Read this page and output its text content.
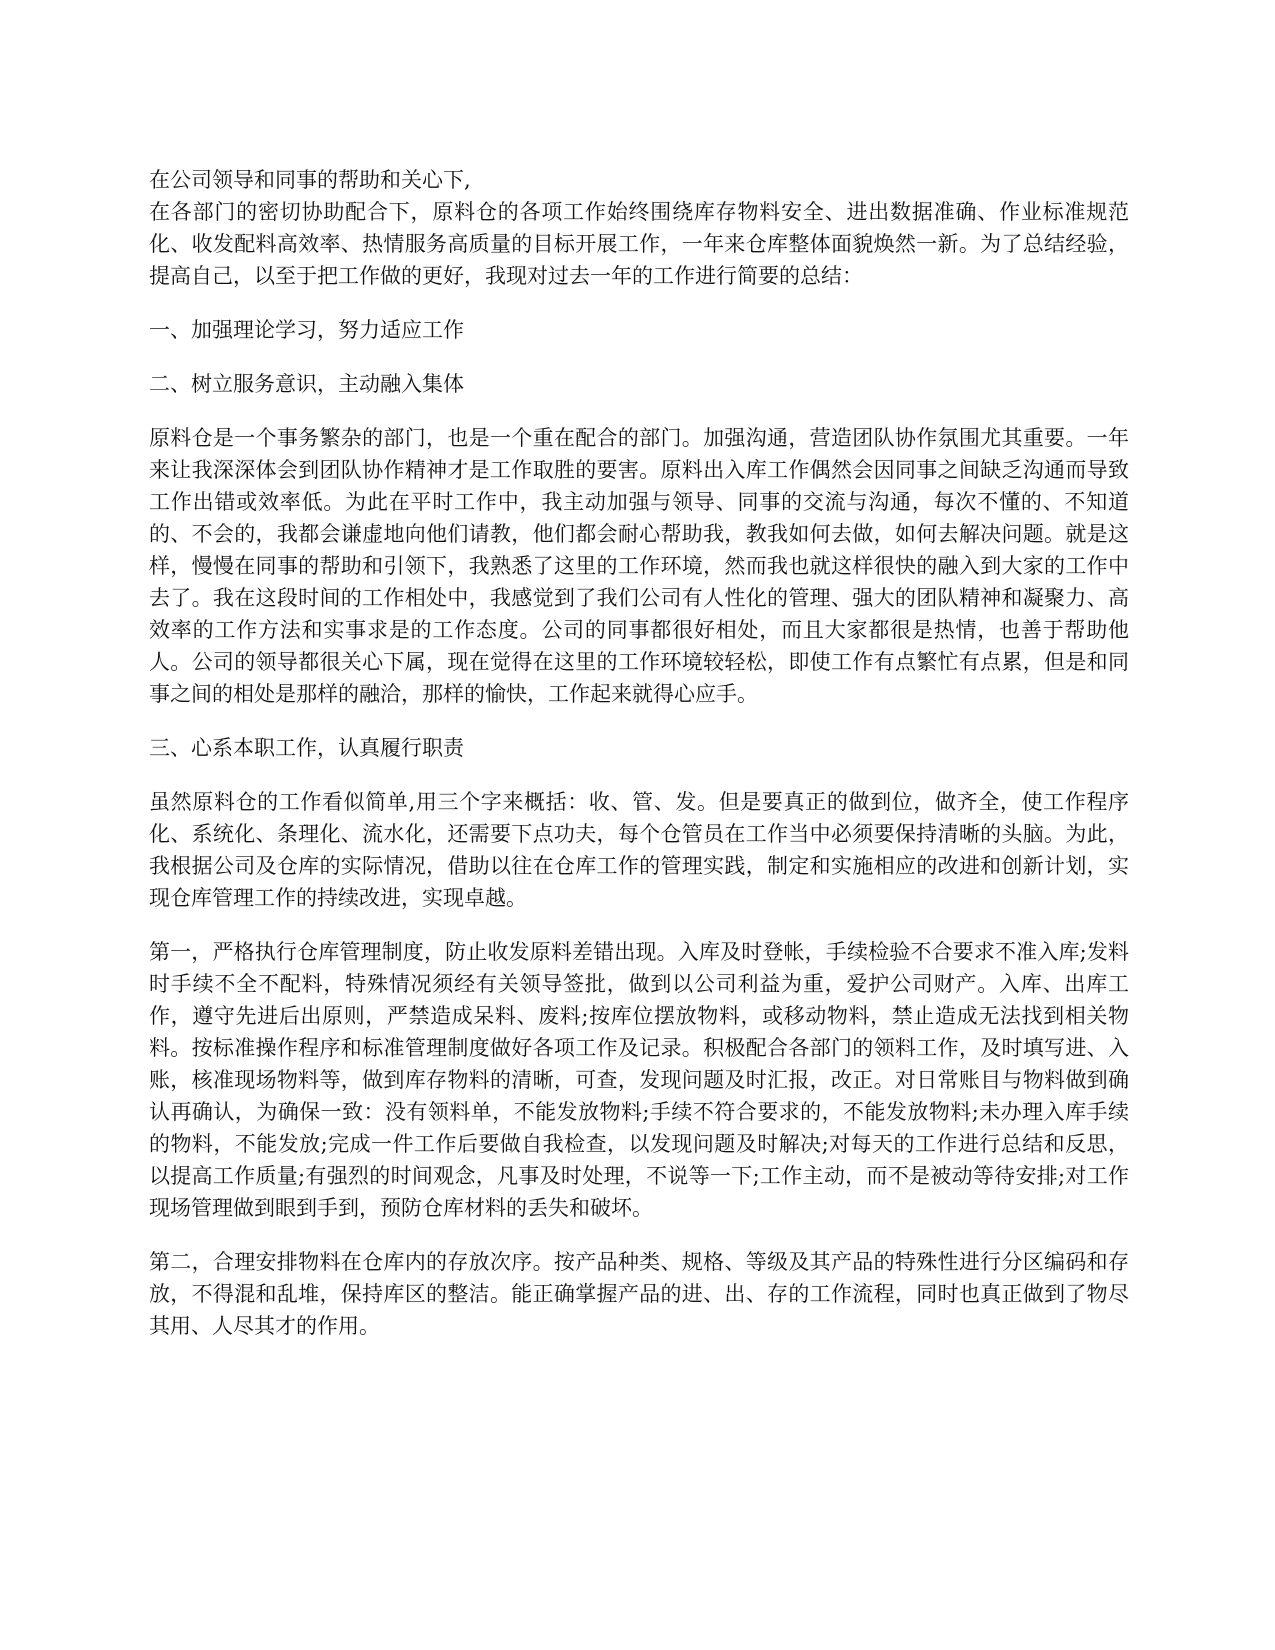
在公司领导和同事的帮助和关心下,
在各部门的密切协助配合下，原料仓的各项工作始终围绕库存物料安全、进出数据准确、作业标准规范化、收发配料高效率、热情服务高质量的目标开展工作，一年来仓库整体面貌焕然一新。为了总结经验，提高自己，以至于把工作做的更好，我现对过去一年的工作进行简要的总结：
一、加强理论学习，努力适应工作
二、树立服务意识，主动融入集体
原料仓是一个事务繁杂的部门，也是一个重在配合的部门。加强沟通，营造团队协作氛围尤其重要。一年来让我深深体会到团队协作精神才是工作取胜的要害。原料出入库工作偶然会因同事之间缺乏沟通而导致工作出错或效率低。为此在平时工作中，我主动加强与领导、同事的交流与沟通，每次不懂的、不知道的、不会的，我都会谦虚地向他们请教，他们都会耐心帮助我，教我如何去做，如何去解决问题。就是这样，慢慢在同事的帮助和引领下，我熟悉了这里的工作环境，然而我也就这样很快的融入到大家的工作中去了。我在这段时间的工作相处中，我感觉到了我们公司有人性化的管理、强大的团队精神和凝聚力、高效率的工作方法和实事求是的工作态度。公司的同事都很好相处，而且大家都很是热情，也善于帮助他人。公司的领导都很关心下属，现在觉得在这里的工作环境较轻松，即使工作有点繁忙有点累，但是和同事之间的相处是那样的融洽，那样的愉快，工作起来就得心应手。
三、心系本职工作，认真履行职责
虽然原料仓的工作看似简单,用三个字来概括：收、管、发。但是要真正的做到位，做齐全，使工作程序化、系统化、条理化、流水化，还需要下点功夫，每个仓管员在工作当中必须要保持清晰的头脑。为此，我根据公司及仓库的实际情况，借助以往在仓库工作的管理实践，制定和实施相应的改进和创新计划，实现仓库管理工作的持续改进，实现卓越。
第一，严格执行仓库管理制度，防止收发原料差错出现。入库及时登帐，手续检验不合要求不准入库;发料时手续不全不配料，特殊情况须经有关领导签批，做到以公司利益为重，爱护公司财产。入库、出库工作，遵守先进后出原则，严禁造成呆料、废料;按库位摆放物料，或移动物料，禁止造成无法找到相关物料。按标准操作程序和标准管理制度做好各项工作及记录。积极配合各部门的领料工作，及时填写进、入账，核准现场物料等，做到库存物料的清晰，可查，发现问题及时汇报，改正。对日常账目与物料做到确认再确认，为确保一致：没有领料单，不能发放物料;手续不符合要求的，不能发放物料;未办理入库手续的物料，不能发放;完成一件工作后要做自我检查，以发现问题及时解决;对每天的工作进行总结和反思，以提高工作质量;有强烈的时间观念，凡事及时处理，不说等一下;工作主动，而不是被动等待安排;对工作现场管理做到眼到手到，预防仓库材料的丢失和破坏。
第二，合理安排物料在仓库内的存放次序。按产品种类、规格、等级及其产品的特殊性进行分区编码和存放，不得混和乱堆，保持库区的整洁。能正确掌握产品的进、出、存的工作流程，同时也真正做到了物尽其用、人尽其才的作用。
